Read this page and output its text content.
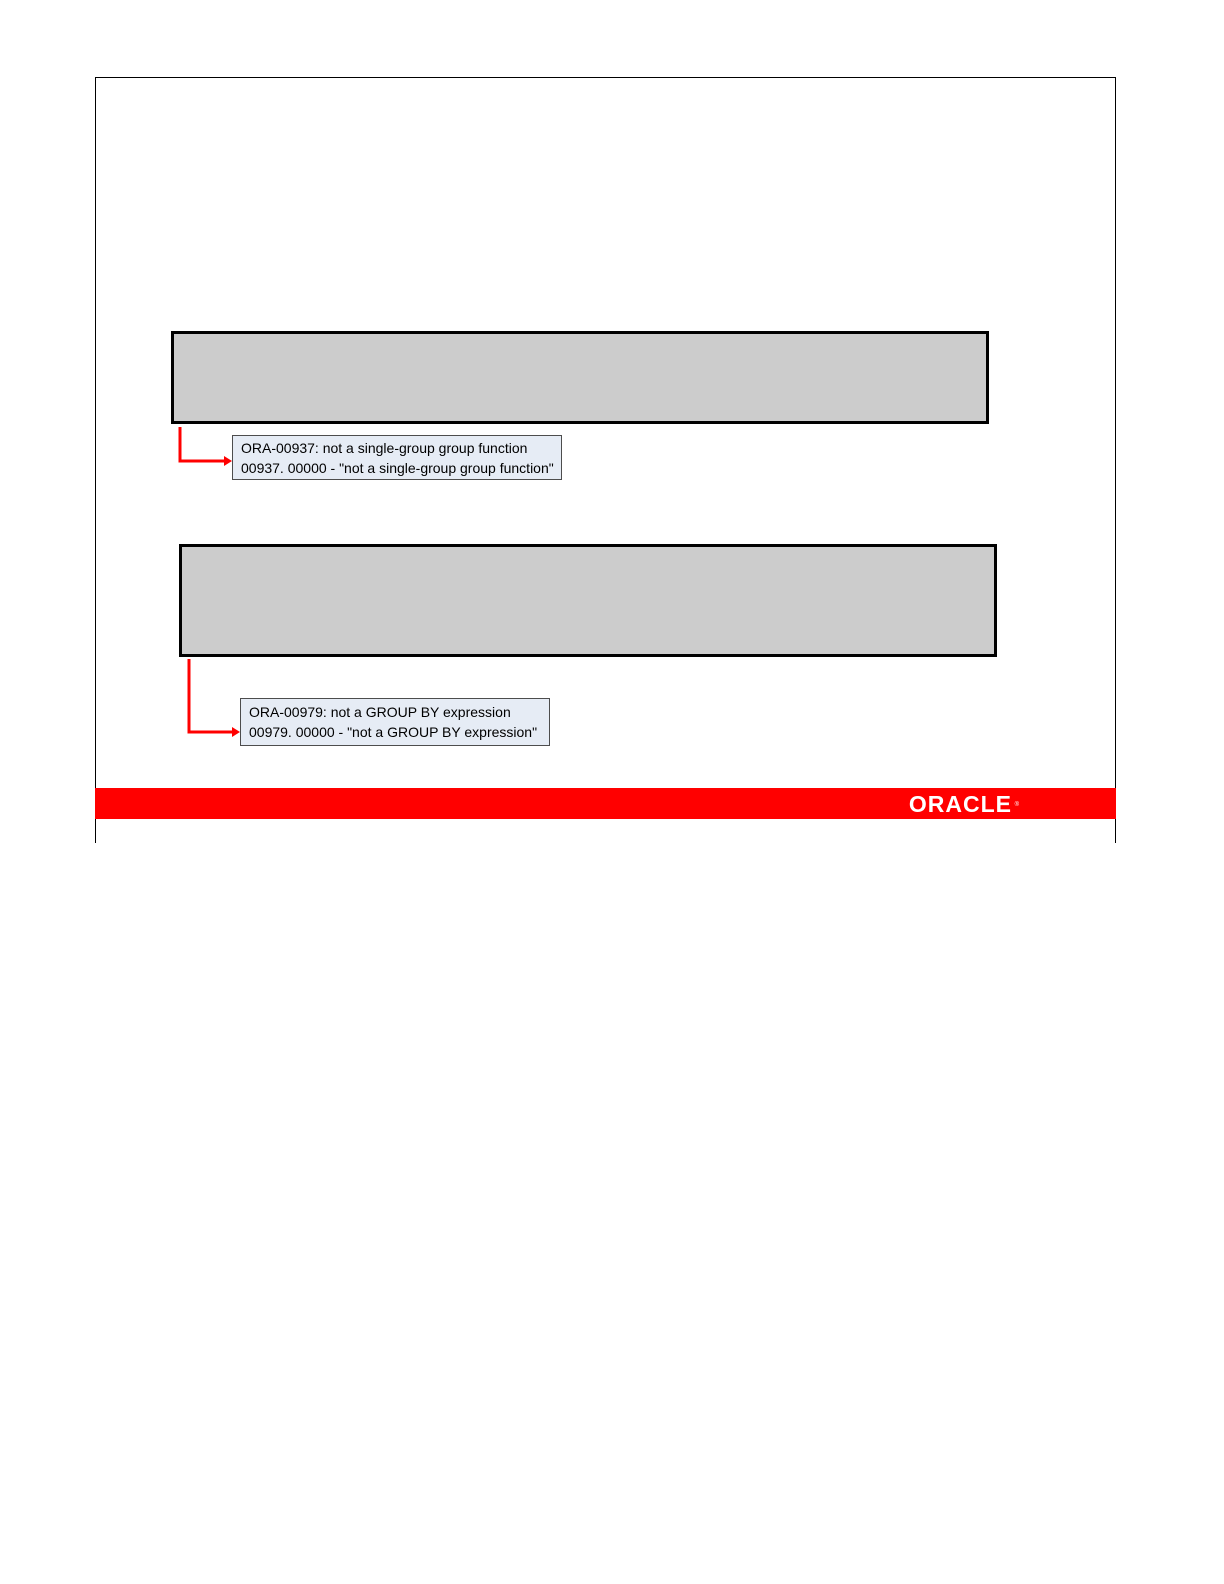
ORA-00937: not a single-group group function
00937. 00000 - "not a single-group group function"
ORA-00979: not a GROUP BY expression
00979. 00000 - "not a GROUP BY expression"
ORACLE ®
